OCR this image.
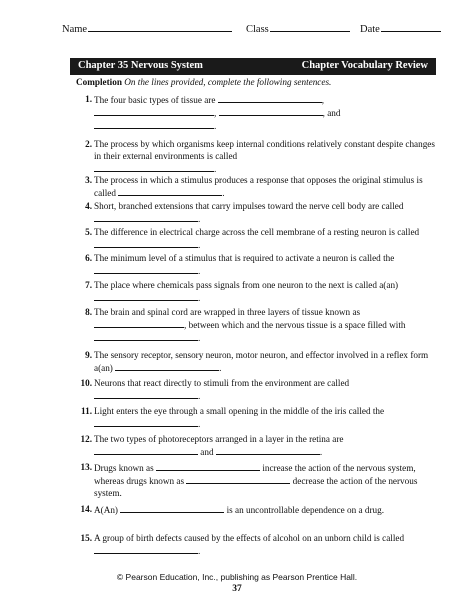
Name	Class	Date
Chapter 35 Nervous System	Chapter Vocabulary Review
Completion On the lines provided, complete the following sentences.
1. The four basic types of tissue are	,
,	, and
.
2. The process by which organisms keep internal conditions relatively constant despite changes in their external environments is called
.
3. The process in which a stimulus produces a response that opposes the original stimulus is called	.
4. Short, branched extensions that carry impulses toward the nerve cell body are called .
5. The difference in electrical charge across the cell membrane of a resting neuron is called .
6. The minimum level of a stimulus that is required to activate a neuron is called the .
7. The place where chemicals pass signals from one neuron to the next is called a(an) .
8. The brain and spinal cord are wrapped in three layers of tissue known as , between which and the nervous tissue is a space filled with .
9. The sensory receptor, sensory neuron, motor neuron, and effector involved in a reflex form a(an)	.
10. Neurons that react directly to stimuli from the environment are called .
11. Light enters the eye through a small opening in the middle of the iris called the .
12. The two types of photoreceptors arranged in a layer in the retina are
and	.
13. Drugs known as	increase the action of the nervous system, whereas drugs known as	decrease the action of the nervous system.
14. A(An)	is an uncontrollable dependence on a drug.
15. A group of birth defects caused by the effects of alcohol on an unborn child is called .
© Pearson Education, Inc., publishing as Pearson Prentice Hall.
37
